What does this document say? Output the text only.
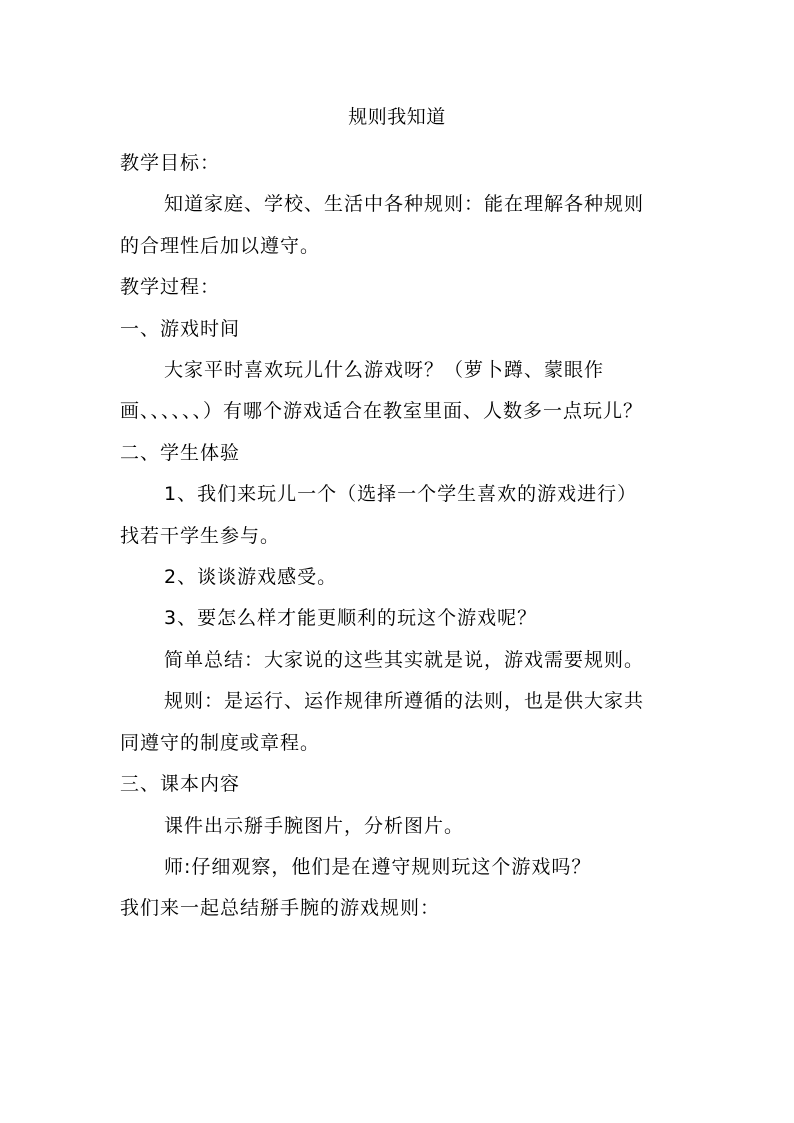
规则我知道

教学目标：

知道家庭、学校、生活中各种规则：能在理解各种规则的合理性后加以遵守。

教学过程：

一、游戏时间

大家平时喜欢玩儿什么游戏呀？（萝卜蹲、蒙眼作画、、、、、、）有哪个游戏适合在教室里面、人数多一点玩儿？

二、学生体验

1、我们来玩儿一个（选择一个学生喜欢的游戏进行）找若干学生参与。

2、谈谈游戏感受。

3、要怎么样才能更顺利的玩这个游戏呢？

简单总结：大家说的这些其实就是说，游戏需要规则。

规则：是运行、运作规律所遵循的法则，也是供大家共同遵守的制度或章程。

三、课本内容

课件出示掰手腕图片，分析图片。

师:仔细观察，他们是在遵守规则玩这个游戏吗？

我们来一起总结掰手腕的游戏规则：
